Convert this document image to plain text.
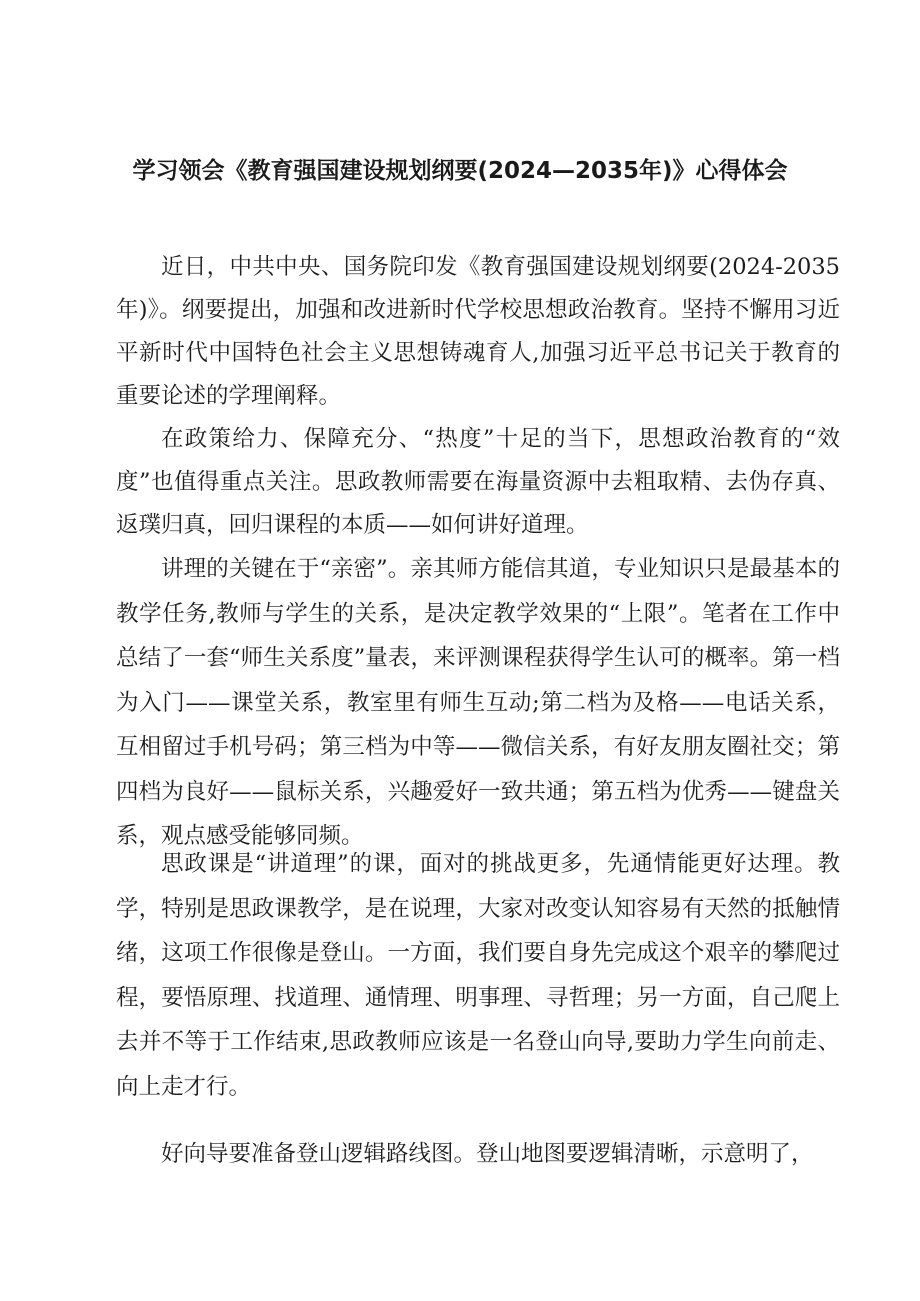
学习领会《教育强国建设规划纲要(2024—2035年)》心得体会

近日，中共中央、国务院印发《教育强国建设规划纲要(2024-2035年)》。纲要提出，加强和改进新时代学校思想政治教育。坚持不懈用习近平新时代中国特色社会主义思想铸魂育人,加强习近平总书记关于教育的重要论述的学理阐释。

在政策给力、保障充分、“热度”十足的当下，思想政治教育的“效度”也值得重点关注。思政教师需要在海量资源中去粗取精、去伪存真、返璞归真，回归课程的本质——如何讲好道理。

讲理的关键在于“亲密”。亲其师方能信其道，专业知识只是最基本的教学任务,教师与学生的关系，是决定教学效果的“上限”。笔者在工作中总结了一套“师生关系度”量表，来评测课程获得学生认可的概率。第一档为入门——课堂关系，教室里有师生互动;第二档为及格——电话关系，互相留过手机号码；第三档为中等——微信关系，有好友朋友圈社交；第四档为良好——鼠标关系，兴趣爱好一致共通；第五档为优秀——键盘关系，观点感受能够同频。

思政课是“讲道理”的课，面对的挑战更多，先通情能更好达理。教学，特别是思政课教学，是在说理，大家对改变认知容易有天然的抵触情绪，这项工作很像是登山。一方面，我们要自身先完成这个艰辛的攀爬过程，要悟原理、找道理、通情理、明事理、寻哲理；另一方面，自己爬上去并不等于工作结束,思政教师应该是一名登山向导,要助力学生向前走、向上走才行。

好向导要准备登山逻辑路线图。登山地图要逻辑清晰，示意明了，
